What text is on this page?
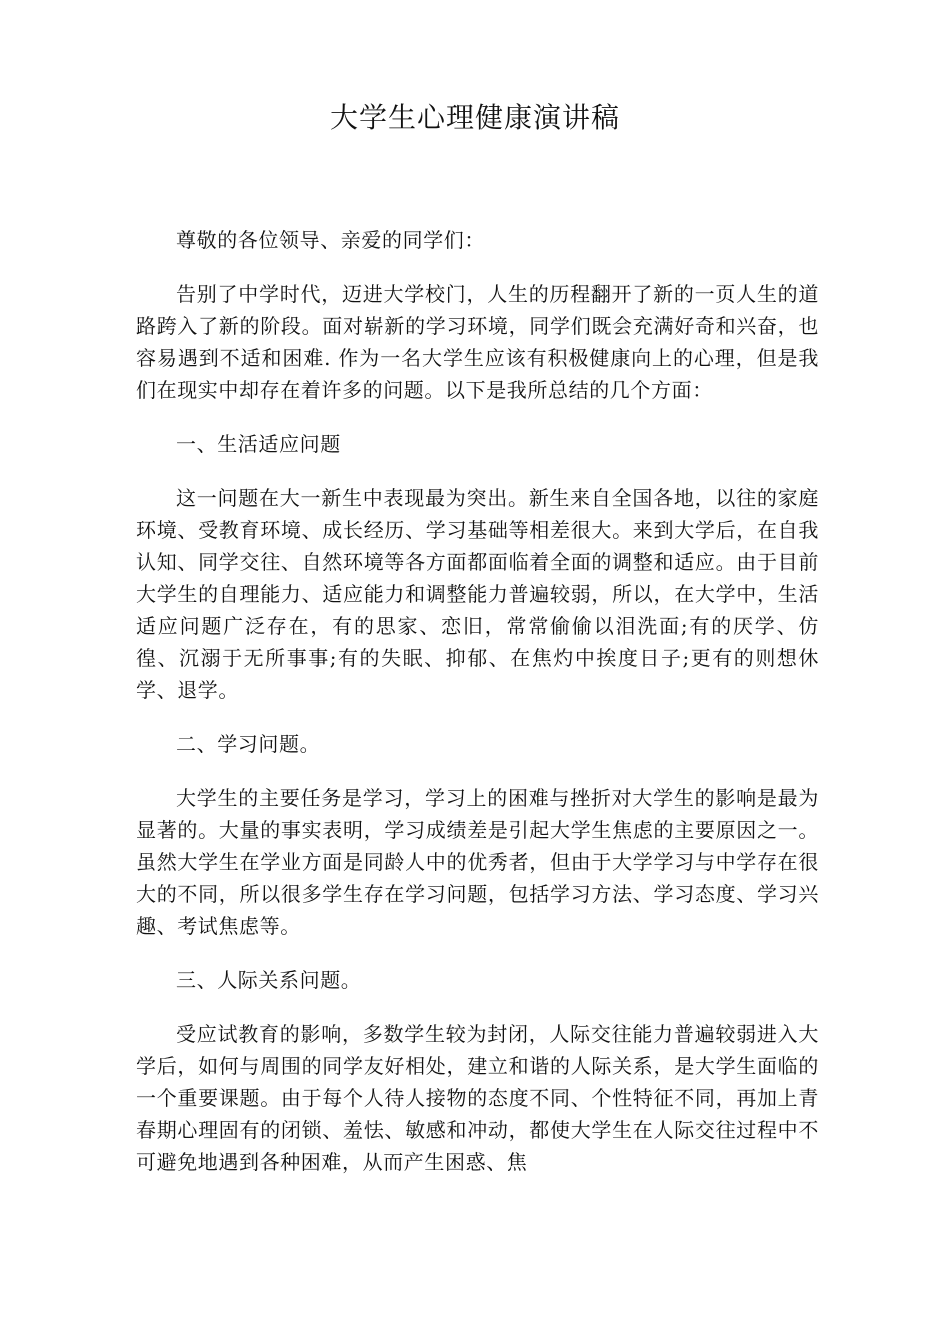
大学生心理健康演讲稿

尊敬的各位领导、亲爱的同学们：

告别了中学时代，迈进大学校门，人生的历程翻开了新的一页人生的道路跨入了新的阶段。面对崭新的学习环境，同学们既会充满好奇和兴奋，也容易遇到不适和困难. 作为一名大学生应该有积极健康向上的心理，但是我们在现实中却存在着许多的问题。以下是我所总结的几个方面：

一、生活适应问题

这一问题在大一新生中表现最为突出。新生来自全国各地，以往的家庭环境、受教育环境、成长经历、学习基础等相差很大。来到大学后，在自我认知、同学交往、自然环境等各方面都面临着全面的调整和适应。由于目前大学生的自理能力、适应能力和调整能力普遍较弱，所以，在大学中，生活适应问题广泛存在，有的思家、恋旧，常常偷偷以泪洗面;有的厌学、仿徨、沉溺于无所事事;有的失眠、抑郁、在焦灼中挨度日子;更有的则想休学、退学。

二、学习问题。

大学生的主要任务是学习，学习上的困难与挫折对大学生的影响是最为显著的。大量的事实表明，学习成绩差是引起大学生焦虑的主要原因之一。虽然大学生在学业方面是同龄人中的优秀者，但由于大学学习与中学存在很大的不同，所以很多学生存在学习问题，包括学习方法、学习态度、学习兴趣、考试焦虑等。

三、人际关系问题。

受应试教育的影响，多数学生较为封闭，人际交往能力普遍较弱进入大学后，如何与周围的同学友好相处，建立和谐的人际关系，是大学生面临的一个重要课题。由于每个人待人接物的态度不同、个性特征不同，再加上青春期心理固有的闭锁、羞怯、敏感和冲动，都使大学生在人际交往过程中不可避免地遇到各种困难，从而产生困惑、焦
